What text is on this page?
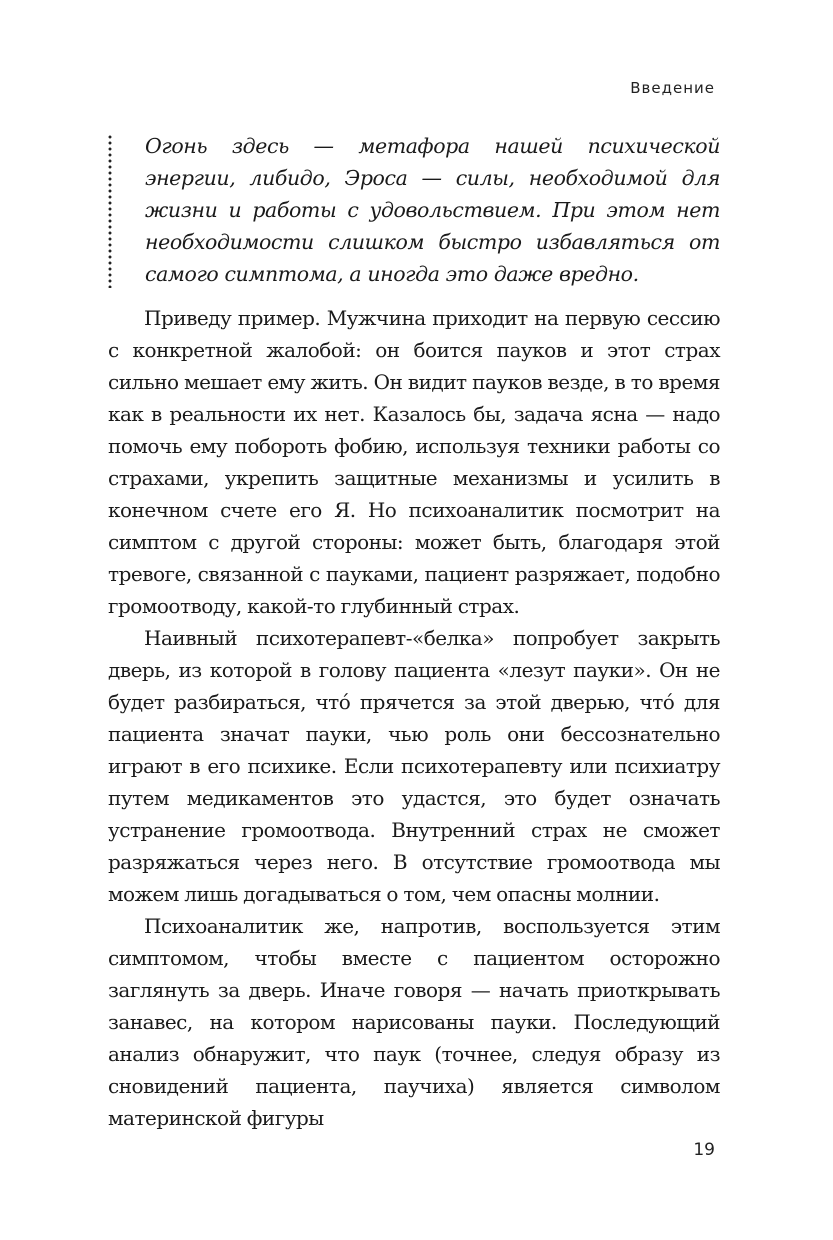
Введение

Огонь здесь — метафора нашей психической энергии, либидо, Эроса — силы, необходимой для жизни и работы с удовольствием. При этом нет необходимости слишком быстро избавляться от самого симптома, а иногда это даже вредно.

Приведу пример. Мужчина приходит на первую сессию с конкретной жалобой: он боится пауков и этот страх сильно мешает ему жить. Он видит пауков везде, в то время как в реальности их нет. Казалось бы, задача ясна — надо помочь ему побороть фобию, используя техники работы со страхами, укрепить защитные механизмы и усилить в конечном счете его Я. Но психоаналитик посмотрит на симптом с другой стороны: может быть, благодаря этой тревоге, связанной с пауками, пациент разряжает, подобно громоотводу, какой-то глубинный страх.

Наивный психотерапевт-«белка» попробует закрыть дверь, из которой в голову пациента «лезут пауки». Он не будет разбираться, чтó прячется за этой дверью, чтó для пациента значат пауки, чью роль они бессознательно играют в его психике. Если психотерапевту или психиатру путем медикаментов это удастся, это будет означать устранение громоотвода. Внутренний страх не сможет разряжаться через него. В отсутствие громоотвода мы можем лишь догадываться о том, чем опасны молнии.

Психоаналитик же, напротив, воспользуется этим симптомом, чтобы вместе с пациентом осторожно заглянуть за дверь. Иначе говоря — начать приоткрывать занавес, на котором нарисованы пауки. Последующий анализ обнаружит, что паук (точнее, следуя образу из сновидений пациента, паучиха) является символом материнской фигуры

19
